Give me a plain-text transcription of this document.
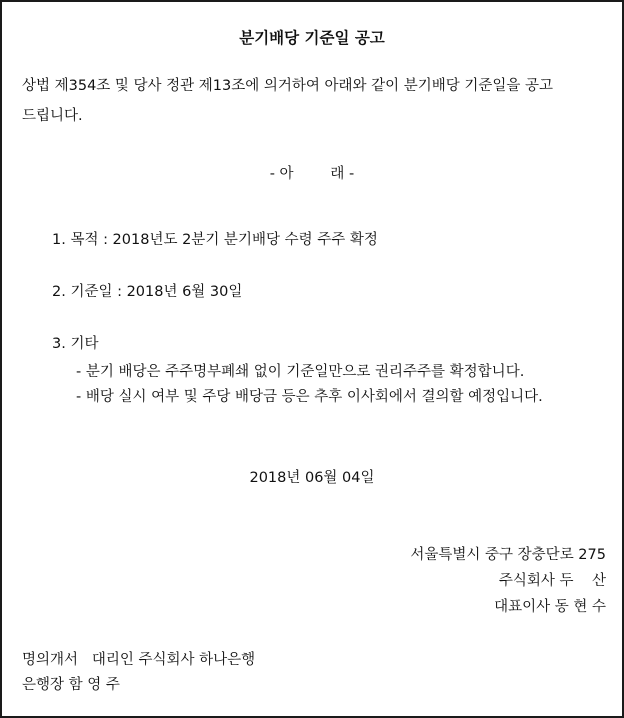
분기배당 기준일 공고
상법 제354조 및 당사 정관 제13조에 의거하여 아래와 같이 분기배당 기준일을 공고
드립니다.
- 아        래 -
1. 목적 : 2018년도 2분기 분기배당 수령 주주 확정
2. 기준일 : 2018년 6월 30일
3. 기타
- 분기 배당은 주주명부폐쇄 없이 기준일만으로 권리주주를 확정합니다.
- 배당 실시 여부 및 주당 배당금 등은 추후 이사회에서 결의할 예정입니다.
2018년 06월 04일
서울특별시 중구 장충단로 275
주식회사 두    산
대표이사 동 현 수
명의개서   대리인 주식회사 하나은행
은행장 함 영 주
